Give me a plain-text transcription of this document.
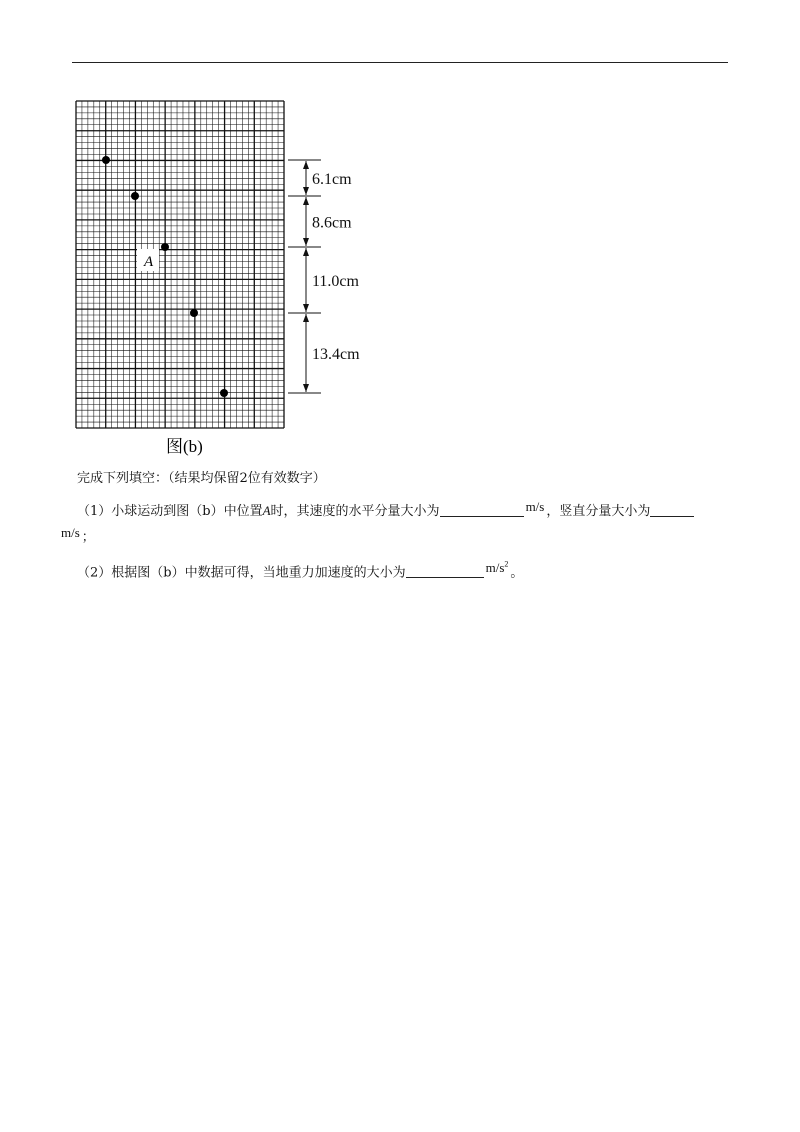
6.1cm
8.6cm
11.0cm
13.4cm
A
图(b)
完成下列填空：（结果均保留2位有效数字）
（1）小球运动到图（b）中位置A时，其速度的水平分量大小为	m/s ，竖直分量大小为
m/s ；
（2）根据图（b）中数据可得，当地重力加速度的大小为	$m/s^2$。
